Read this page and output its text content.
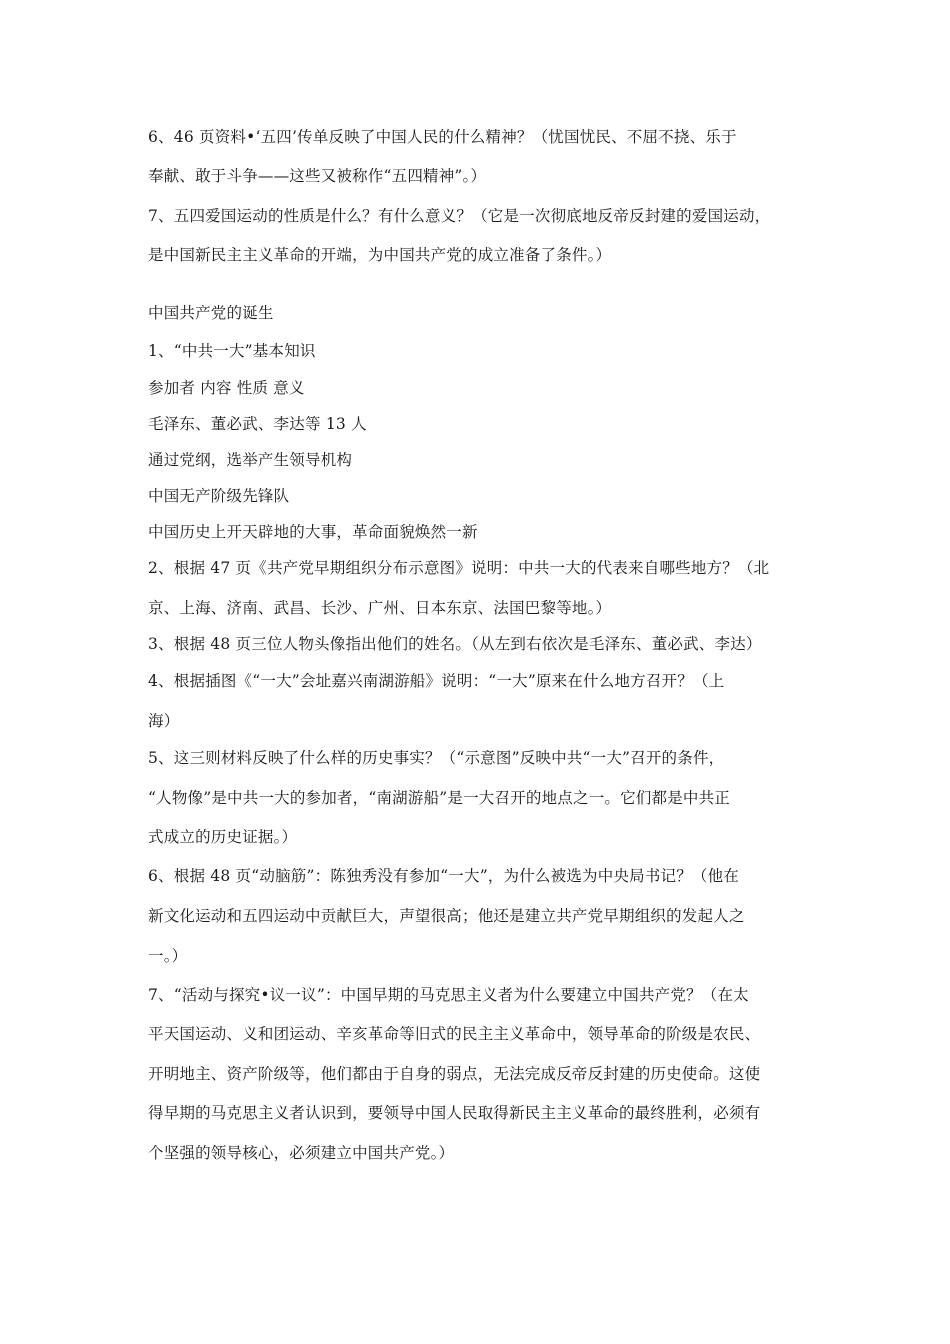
6、46 页资料•‘五四’传单反映了中国人民的什么精神？（忧国忧民、不屈不挠、乐于
奉献、敢于斗争——这些又被称作“五四精神”。）
7、五四爱国运动的性质是什么？有什么意义？（它是一次彻底地反帝反封建的爱国运动，
是中国新民主主义革命的开端，为中国共产党的成立准备了条件。）
中国共产党的诞生
1、“中共一大”基本知识
参加者 内容 性质 意义
毛泽东、董必武、李达等 13 人
通过党纲，选举产生领导机构
中国无产阶级先锋队
中国历史上开天辟地的大事，革命面貌焕然一新
2、根据 47 页《共产党早期组织分布示意图》说明：中共一大的代表来自哪些地方？（北
京、上海、济南、武昌、长沙、广州、日本东京、法国巴黎等地。）
3、根据 48 页三位人物头像指出他们的姓名。（从左到右依次是毛泽东、董必武、李达）
4、根据插图《“一大”会址嘉兴南湖游船》说明：“一大”原来在什么地方召开？（上
海）
5、这三则材料反映了什么样的历史事实？（“示意图”反映中共“一大”召开的条件，
“人物像”是中共一大的参加者，“南湖游船”是一大召开的地点之一。它们都是中共正
式成立的历史证据。）
6、根据 48 页“动脑筋”：陈独秀没有参加“一大”，为什么被选为中央局书记？（他在
新文化运动和五四运动中贡献巨大，声望很高；他还是建立共产党早期组织的发起人之
一。）
7、“活动与探究•议一议”：中国早期的马克思主义者为什么要建立中国共产党？（在太
平天国运动、义和团运动、辛亥革命等旧式的民主主义革命中，领导革命的阶级是农民、
开明地主、资产阶级等，他们都由于自身的弱点，无法完成反帝反封建的历史使命。这使
得早期的马克思主义者认识到，要领导中国人民取得新民主主义革命的最终胜利，必须有
个坚强的领导核心，必须建立中国共产党。）
